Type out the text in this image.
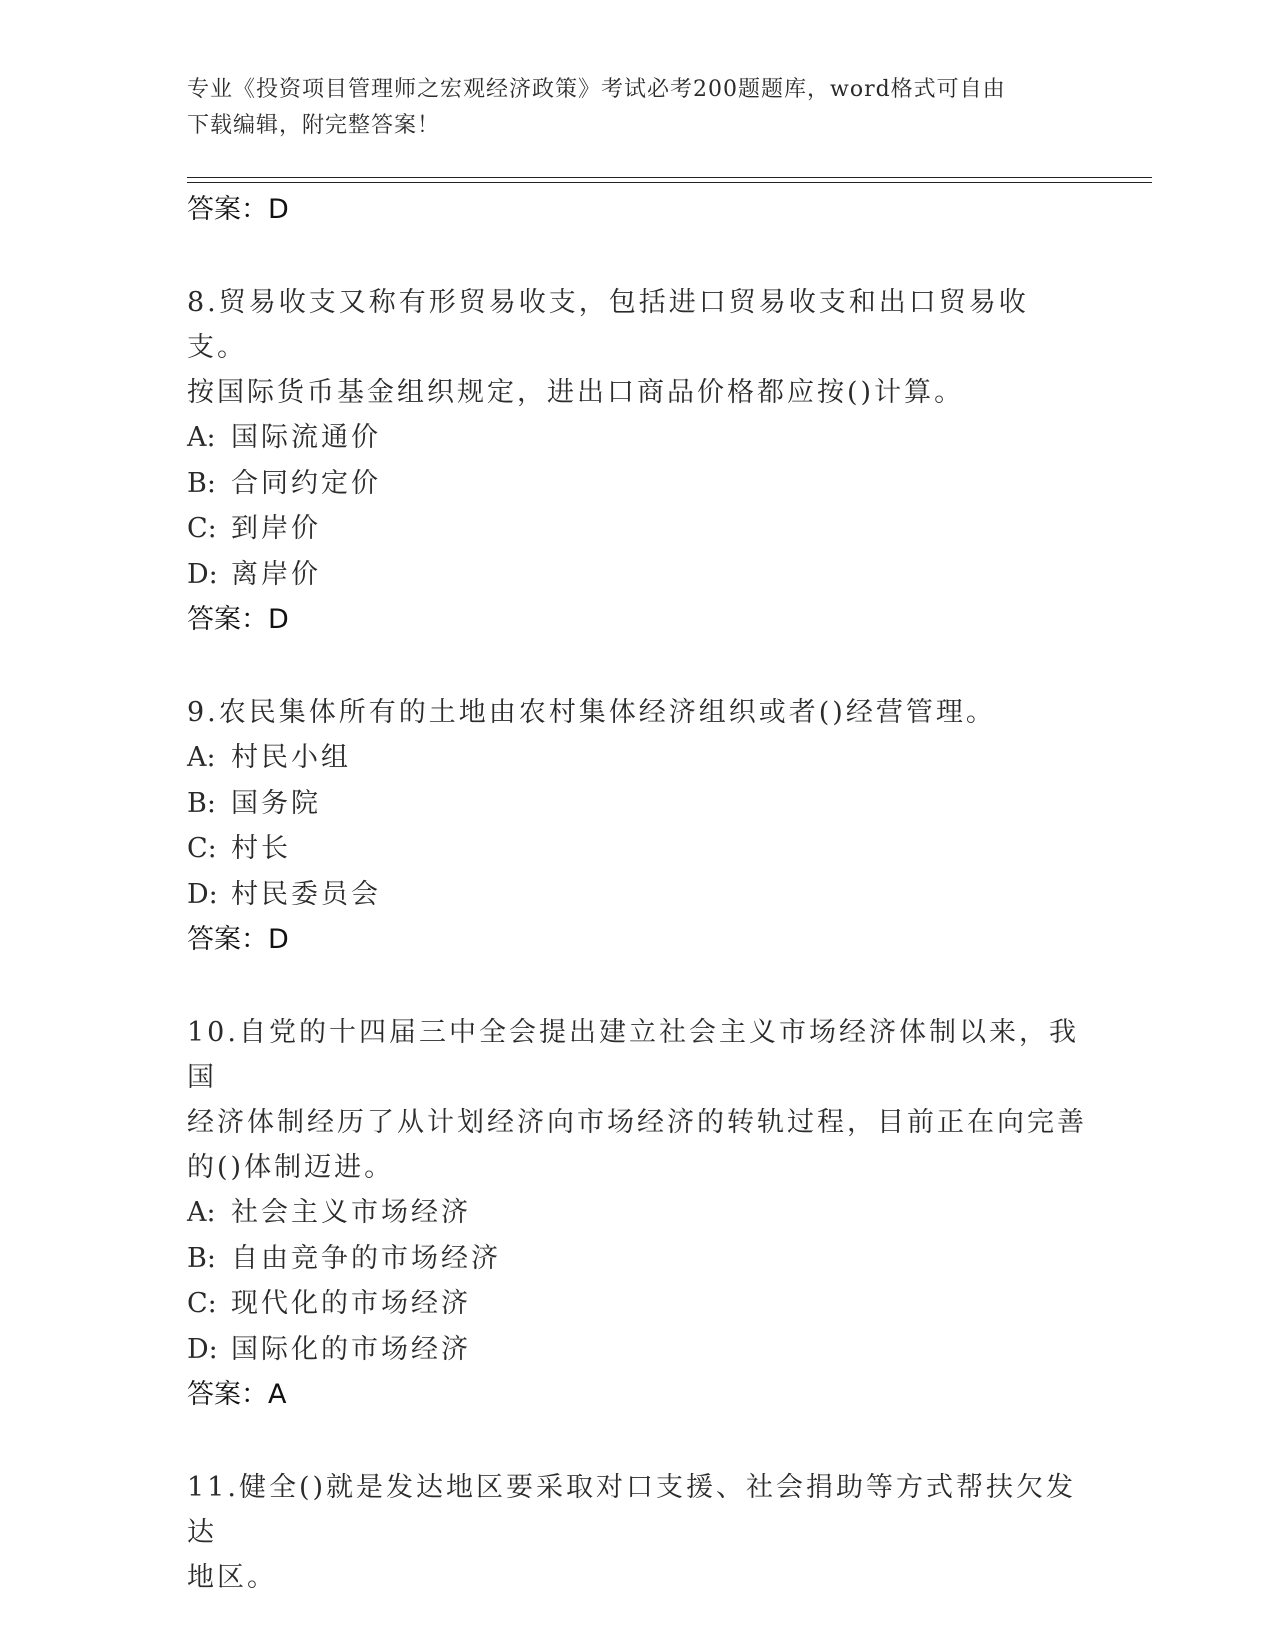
专业《投资项目管理师之宏观经济政策》考试必考200题题库，word格式可自由
下载编辑，附完整答案！
答案：D
8.贸易收支又称有形贸易收支，包括进口贸易收支和出口贸易收支。
按国际货币基金组织规定，进出口商品价格都应按()计算。
A: 国际流通价
B: 合同约定价
C: 到岸价
D: 离岸价
答案：D
9.农民集体所有的土地由农村集体经济组织或者()经营管理。
A: 村民小组
B: 国务院
C: 村长
D: 村民委员会
答案：D
10.自党的十四届三中全会提出建立社会主义市场经济体制以来，我国
经济体制经历了从计划经济向市场经济的转轨过程，目前正在向完善
的()体制迈进。
A: 社会主义市场经济
B: 自由竞争的市场经济
C: 现代化的市场经济
D: 国际化的市场经济
答案：A
11.健全()就是发达地区要采取对口支援、社会捐助等方式帮扶欠发达
地区。
